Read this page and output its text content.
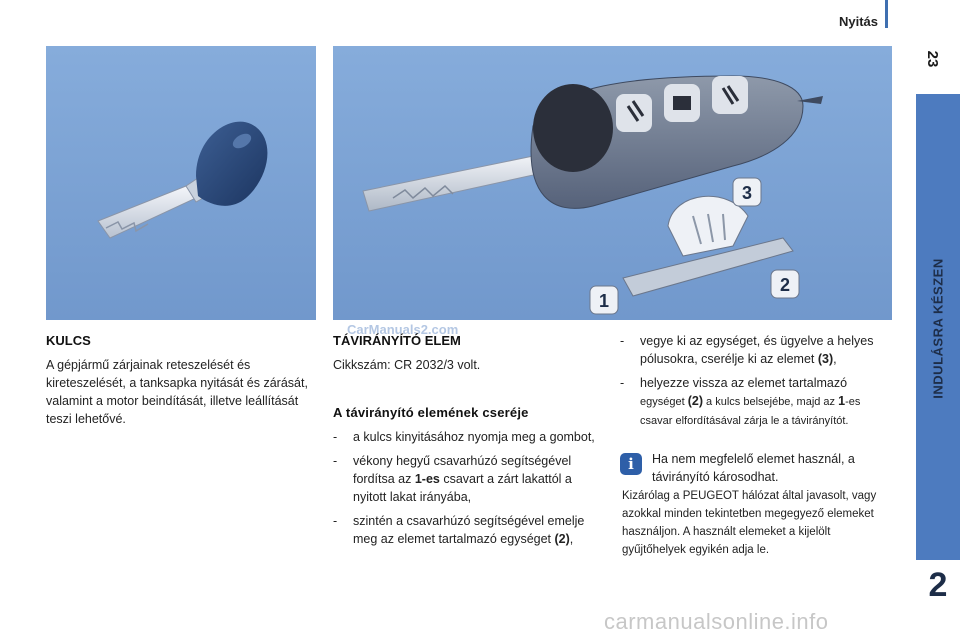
Nyitás
23
INDULÁSRA KÉSZEN
2
3
2
1
KULCS
A gépjármű zárjainak reteszelését és kireteszelését, a tanksapka nyitását és zárását, valamint a motor beindítását, illetve leállítását teszi lehetővé.
CarManuals2.com
TÁVIRÁNYÍTÓ ELEM
Cikkszám: CR 2032/3 volt.
A távirányító elemének cseréje
- a kulcs kinyitásához nyomja meg a gombot,
- vékony hegyű csavarhúzó segítségével fordítsa az 1-es csavart a zárt lakattól a nyitott lakat irányába,
- szintén a csavarhúzó segítségével emelje meg az elemet tartalmazó egységet (2),
- vegye ki az egységet, és ügyelve a helyes pólusokra, cserélje ki az elemet (3),
- helyezze vissza az elemet tartalmazó egységet (2) a kulcs belsejébe, majd az 1-es csavar elfordításával zárja le a távirányítót.
i	Ha nem megfelelő elemet használ, a távirányító károsodhat.
Kizárólag a PEUGEOT hálózat által javasolt, vagy azokkal minden tekintetben megegyező elemeket használjon. A használt elemeket a kijelölt gyűjtőhelyek egyikén adja le.
carmanualsonline.info
